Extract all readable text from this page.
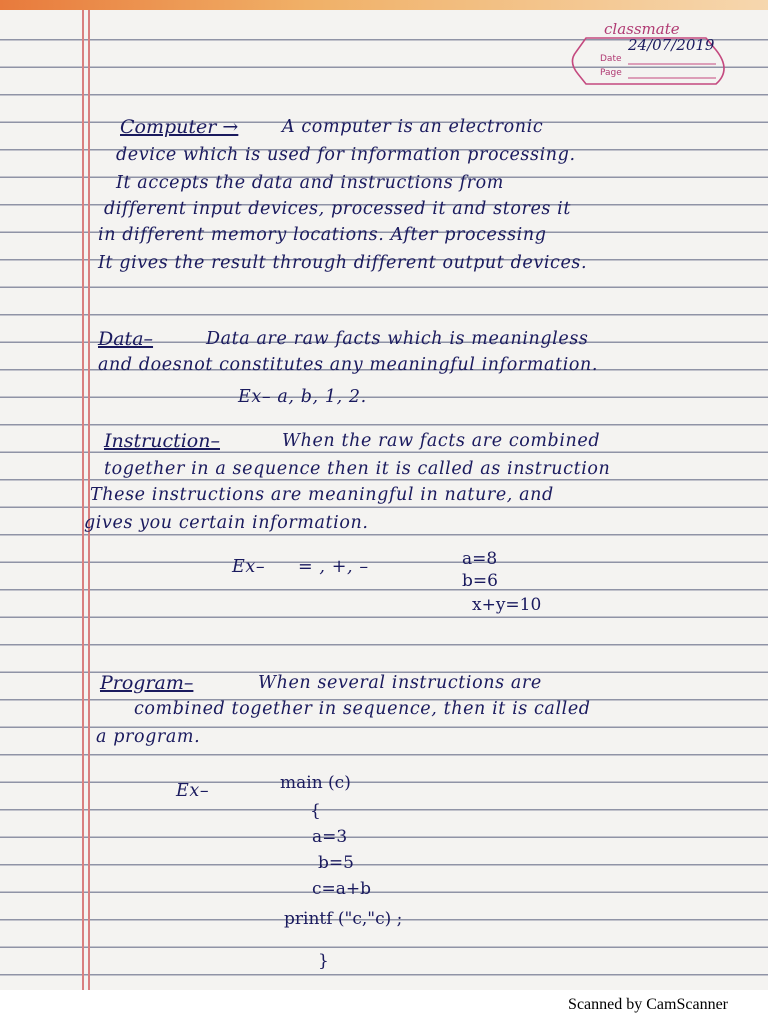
classmate
Date
Page
24/07/2019
Computer → A computer is an electronic
device which is used for information processing.
It accepts the data and instructions from
different input devices, processed it and stores it
in different memory locations. After processing
It gives the result through different output devices.
Data–	Data are raw facts which is meaningless
and doesnot constitutes any meaningful information.
Ex– a, b, 1, 2.
Instruction–	When the raw facts are combined
together in a sequence then it is called as instruction
These instructions are meaningful in nature, and
gives you certain information.
Ex– = , +, –	a=8
b=6
x+y=10
Program–	When several instructions are
combined together in sequence, then it is called
a program.
Ex–	main (c)
{
a=3
b=5
c=a+b
printf ("c,"c) ;
}
Scanned by CamScanner
